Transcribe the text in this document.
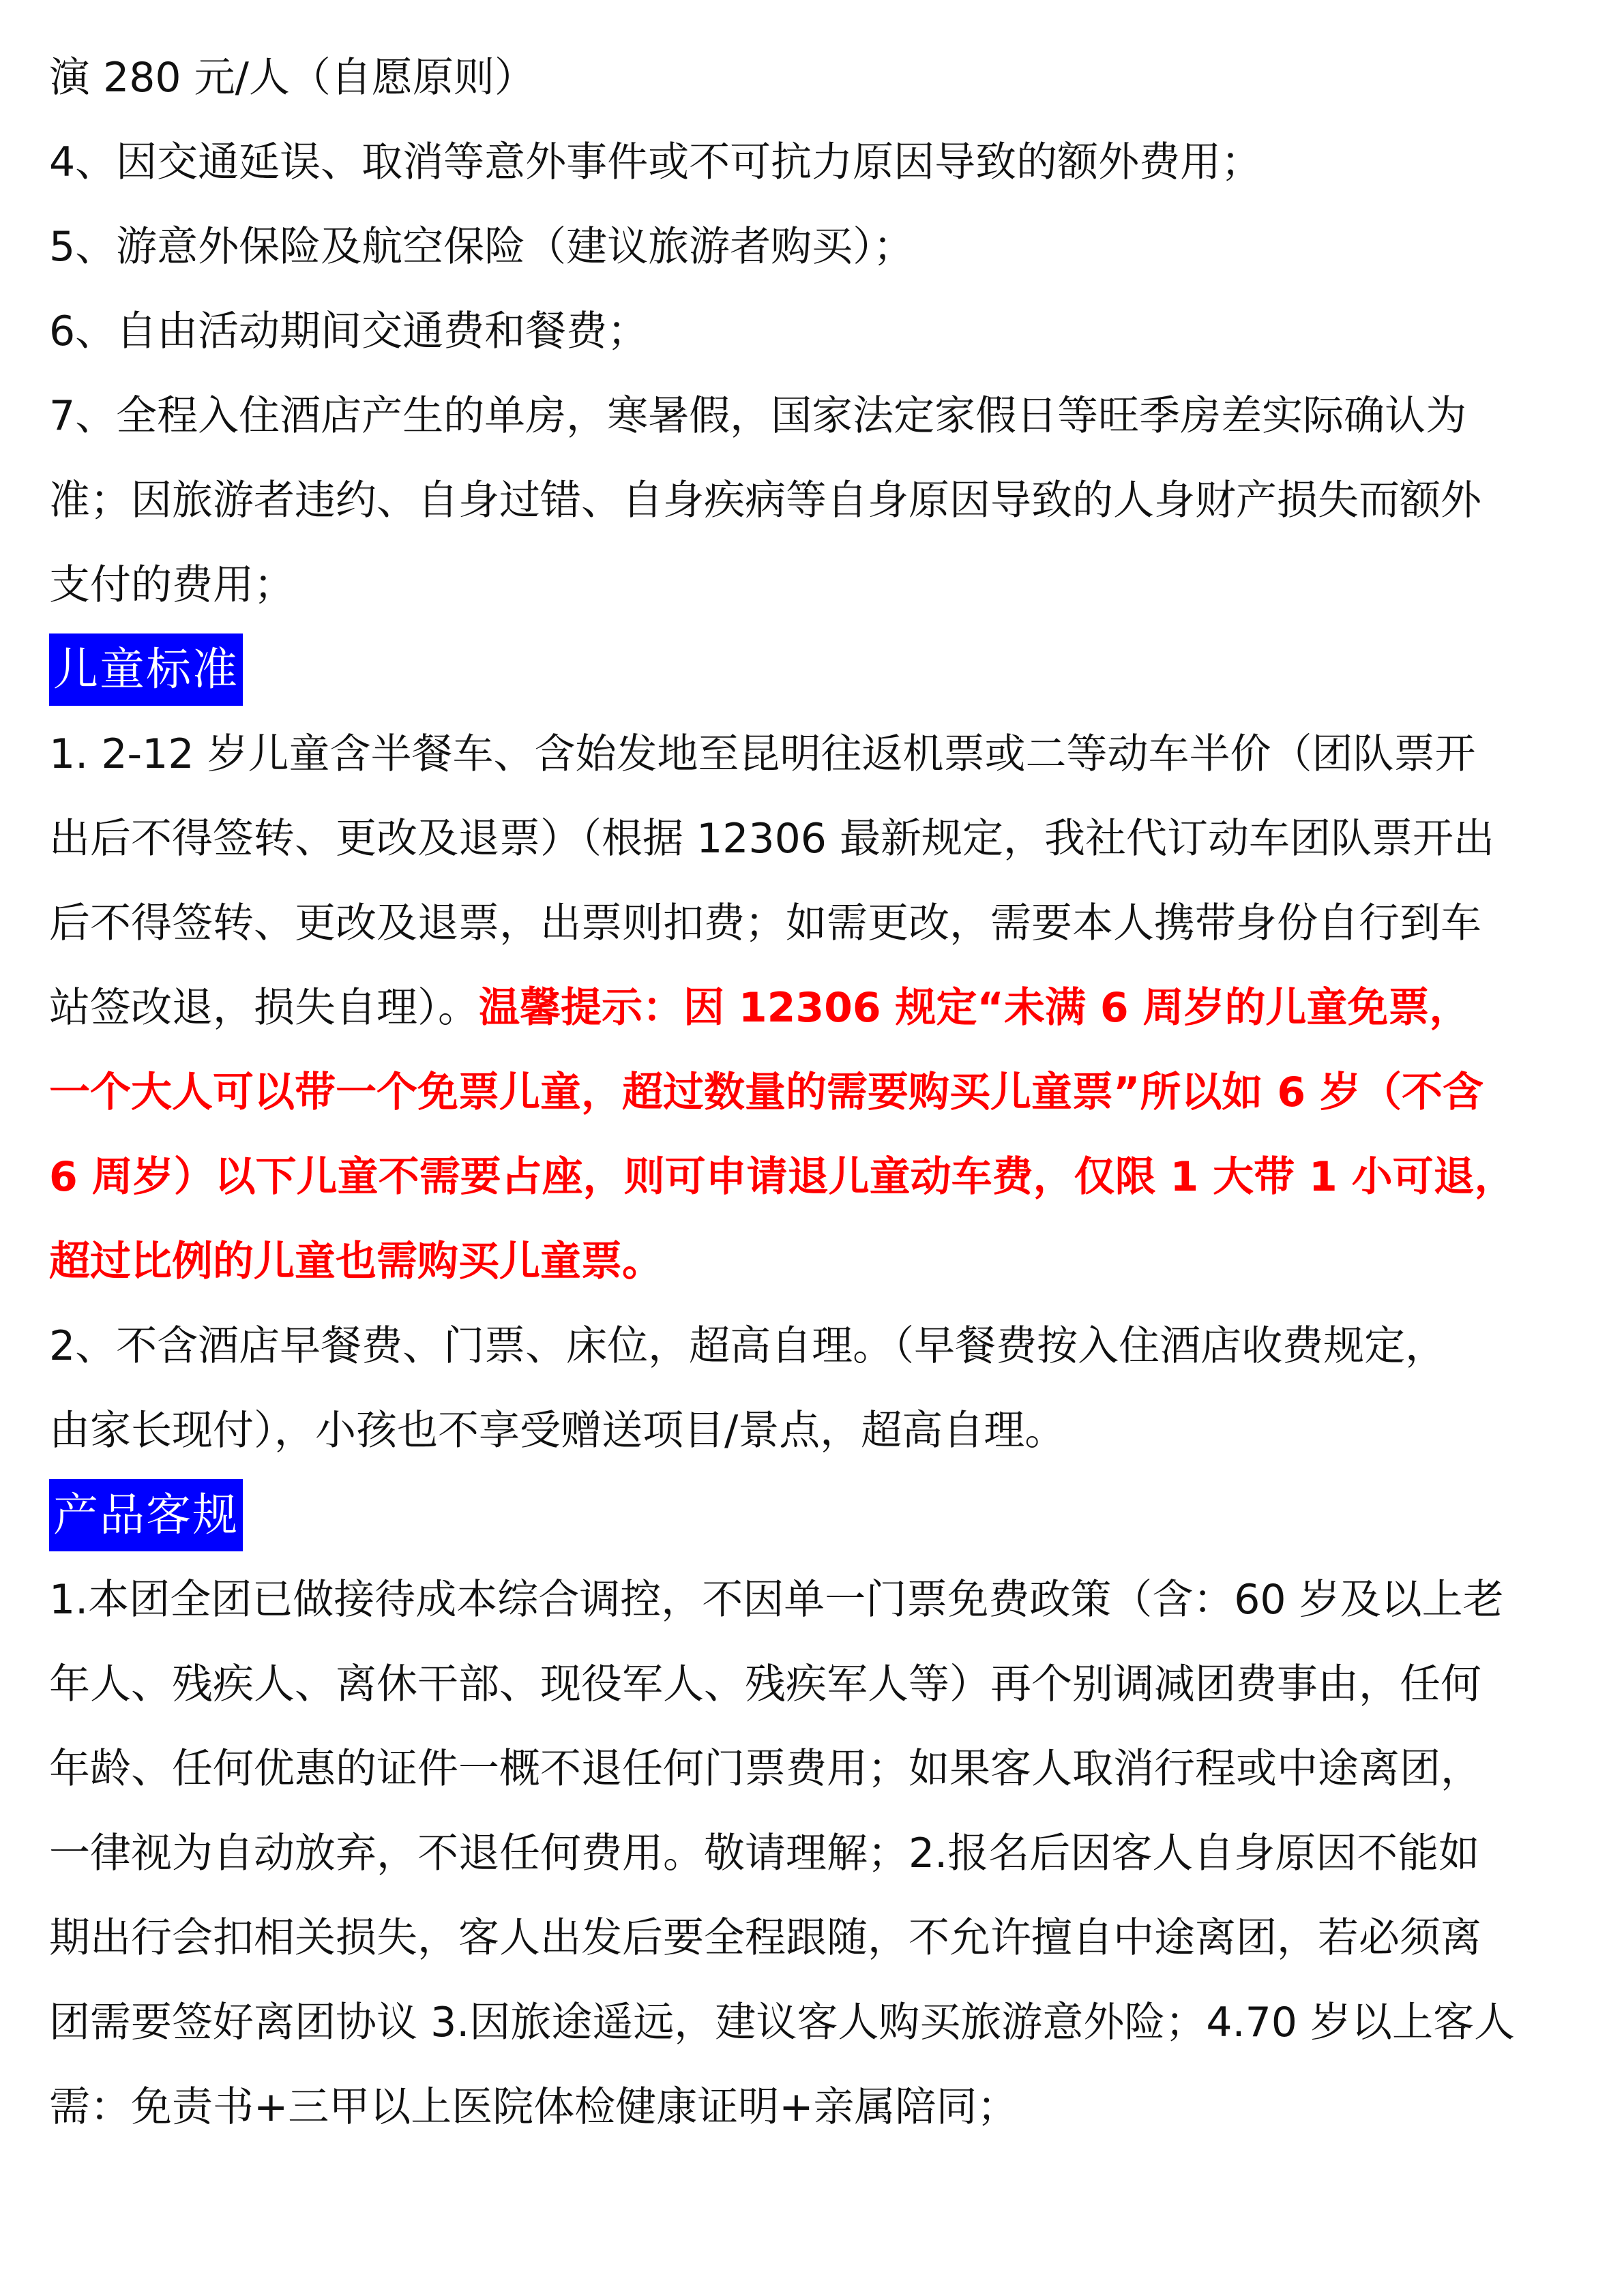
演 280 元/人（自愿原则）

4、因交通延误、取消等意外事件或不可抗力原因导致的额外费用；

5、游意外保险及航空保险（建议旅游者购买）；

6、自由活动期间交通费和餐费；

7、全程入住酒店产生的单房，寒暑假，国家法定家假日等旺季房差实际确认为
准；因旅游者违约、自身过错、自身疾病等自身原因导致的人身财产损失而额外
支付的费用；

儿童标准

1. 2-12 岁儿童含半餐车、含始发地至昆明往返机票或二等动车半价（团队票开
出后不得签转、更改及退票）（根据 12306 最新规定，我社代订动车团队票开出
后不得签转、更改及退票，出票则扣费；如需更改，需要本人携带身份自行到车
站签改退，损失自理）。温馨提示：因 12306 规定“未满 6 周岁的儿童免票，
一个大人可以带一个免票儿童，超过数量的需要购买儿童票”所以如 6 岁（不含
6 周岁）以下儿童不需要占座，则可申请退儿童动车费，仅限 1 大带 1 小可退，
超过比例的儿童也需购买儿童票。

2、不含酒店早餐费、门票、床位，超高自理。（早餐费按入住酒店收费规定，
由家长现付），小孩也不享受赠送项目/景点，超高自理。

产品客规

1.本团全团已做接待成本综合调控，不因单一门票免费政策（含：60 岁及以上老
年人、残疾人、离休干部、现役军人、残疾军人等）再个别调减团费事由，任何
年龄、任何优惠的证件一概不退任何门票费用；如果客人取消行程或中途离团，
一律视为自动放弃，不退任何费用。敬请理解；2.报名后因客人自身原因不能如
期出行会扣相关损失，客人出发后要全程跟随，不允许擅自中途离团，若必须离
团需要签好离团协议 3.因旅途遥远，建议客人购买旅游意外险；4.70 岁以上客人
需：免责书+三甲以上医院体检健康证明+亲属陪同；
